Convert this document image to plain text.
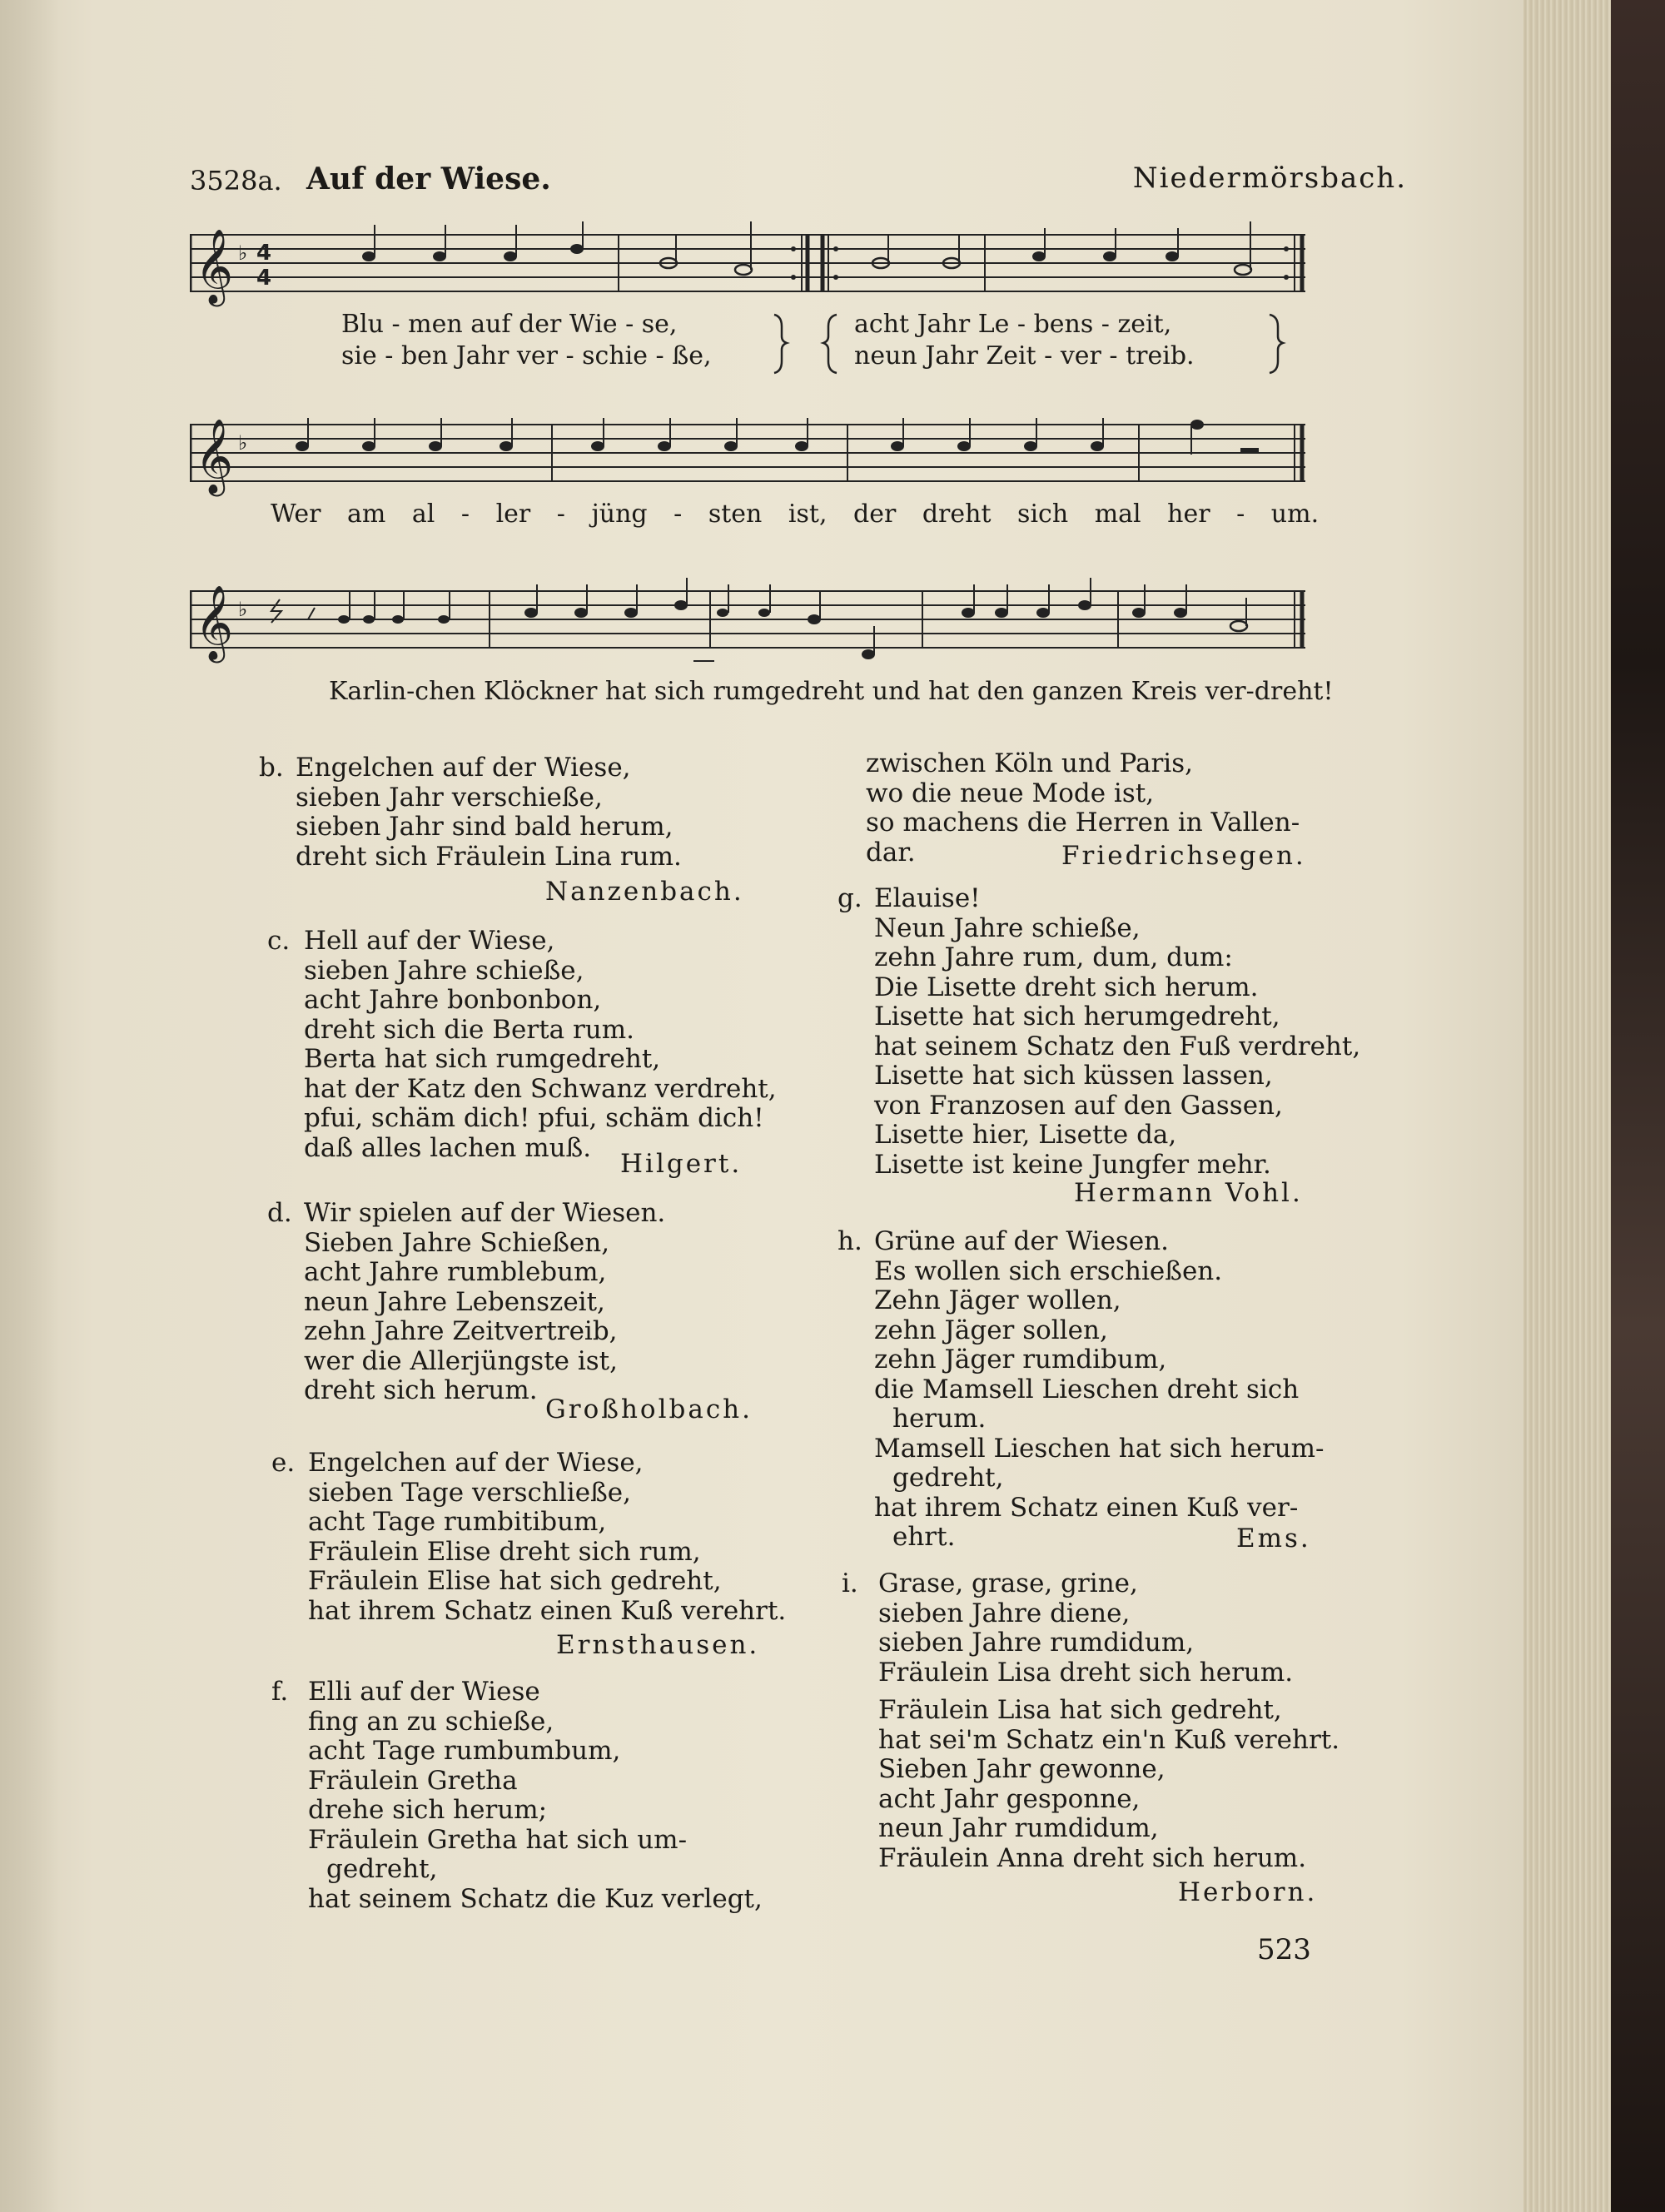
3528a. Auf der Wiese.	Niedermörsbach.
𝄞 ♭ 4
4
Blu - men auf der Wie - se,
sie - ben Jahr ver - schie - ße,
acht Jahr Le - bens - zeit,
neun Jahr Zeit - ver - treib.
𝄞 ♭
Wer am al - ler - jüng - sten ist, der dreht sich mal her - um.
𝄞 ♭
Karlin-chen Klöckner hat sich rumgedreht und hat den ganzen Kreis ver-dreht!
b. Engelchen auf der Wiese,
sieben Jahr verschieße,
sieben Jahr sind bald herum,
dreht sich Fräulein Lina rum.
Nanzenbach.
c. Hell auf der Wiese,
sieben Jahre schieße,
acht Jahre bonbonbon,
dreht sich die Berta rum.
Berta hat sich rumgedreht,
hat der Katz den Schwanz verdreht,
pfui, schäm dich! pfui, schäm dich!
daß alles lachen muß.
Hilgert.
d. Wir spielen auf der Wiesen.
Sieben Jahre Schießen,
acht Jahre rumblebum,
neun Jahre Lebenszeit,
zehn Jahre Zeitvertreib,
wer die Allerjüngste ist,
dreht sich herum.
Großholbach.
e. Engelchen auf der Wiese,
sieben Tage verschließe,
acht Tage rumbitibum,
Fräulein Elise dreht sich rum,
Fräulein Elise hat sich gedreht,
hat ihrem Schatz einen Kuß verehrt.
Ernsthausen.
f. Elli auf der Wiese
fing an zu schieße,
acht Tage rumbumbum,
Fräulein Gretha
drehe sich herum;
Fräulein Gretha hat sich um-
gedreht,
hat seinem Schatz die Kuz verlegt,
zwischen Köln und Paris,
wo die neue Mode ist,
so machens die Herren in Vallen-
dar.	Friedrichsegen.
g. Elauise!
Neun Jahre schieße,
zehn Jahre rum, dum, dum:
Die Lisette dreht sich herum.
Lisette hat sich herumgedreht,
hat seinem Schatz den Fuß verdreht,
Lisette hat sich küssen lassen,
von Franzosen auf den Gassen,
Lisette hier, Lisette da,
Lisette ist keine Jungfer mehr.
Hermann Vohl.
h. Grüne auf der Wiesen.
Es wollen sich erschießen.
Zehn Jäger wollen,
zehn Jäger sollen,
zehn Jäger rumdibum,
die Mamsell Lieschen dreht sich
herum.
Mamsell Lieschen hat sich herum-
gedreht,
hat ihrem Schatz einen Kuß ver-
ehrt.	Ems.
i. Grase, grase, grine,
sieben Jahre diene,
sieben Jahre rumdidum,
Fräulein Lisa dreht sich herum.
Fräulein Lisa hat sich gedreht,
hat sei'm Schatz ein'n Kuß verehrt.
Sieben Jahr gewonne,
acht Jahr gesponne,
neun Jahr rumdidum,
Fräulein Anna dreht sich herum.
Herborn.
523
